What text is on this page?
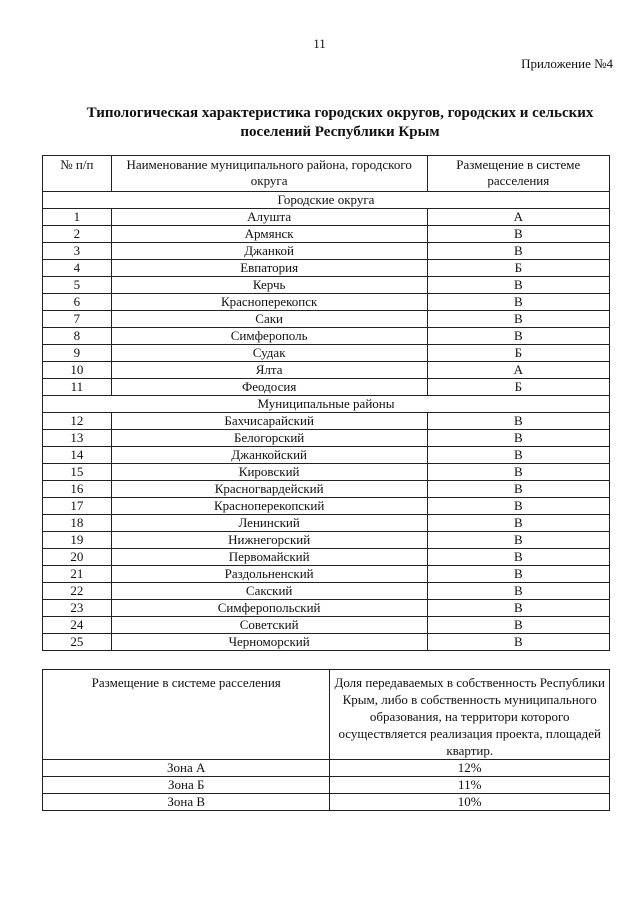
11
Приложение №4
Типологическая характеристика городских округов, городских и сельских поселений Республики Крым
№ п/п	Наименование муниципального района, городского округа	Размещение в системе расселения
Городские округа		
1	Алушта	А
2	Армянск	В
3	Джанкой	В
4	Евпатория	Б
5	Керчь	В
6	Красноперекопск	В
7	Саки	В
8	Симферополь	В
9	Судак	Б
10	Ялта	А
11	Феодосия	Б
Муниципальные районы		
12	Бахчисарайский	В
13	Белогорский	В
14	Джанкойский	В
15	Кировский	В
16	Красногвардейский	В
17	Красноперекопский	В
18	Ленинский	В
19	Нижнегорский	В
20	Первомайский	В
21	Раздольненский	В
22	Сакский	В
23	Симферопольский	В
24	Советский	В
25	Черноморский	В
Размещение в системе расселения	Доля передаваемых в собственность Республики Крым, либо в собственность муниципального образования, на территори которого осуществляется реализация проекта, площадей квартир.
Зона А	12%
Зона Б	11%
Зона В	10%
